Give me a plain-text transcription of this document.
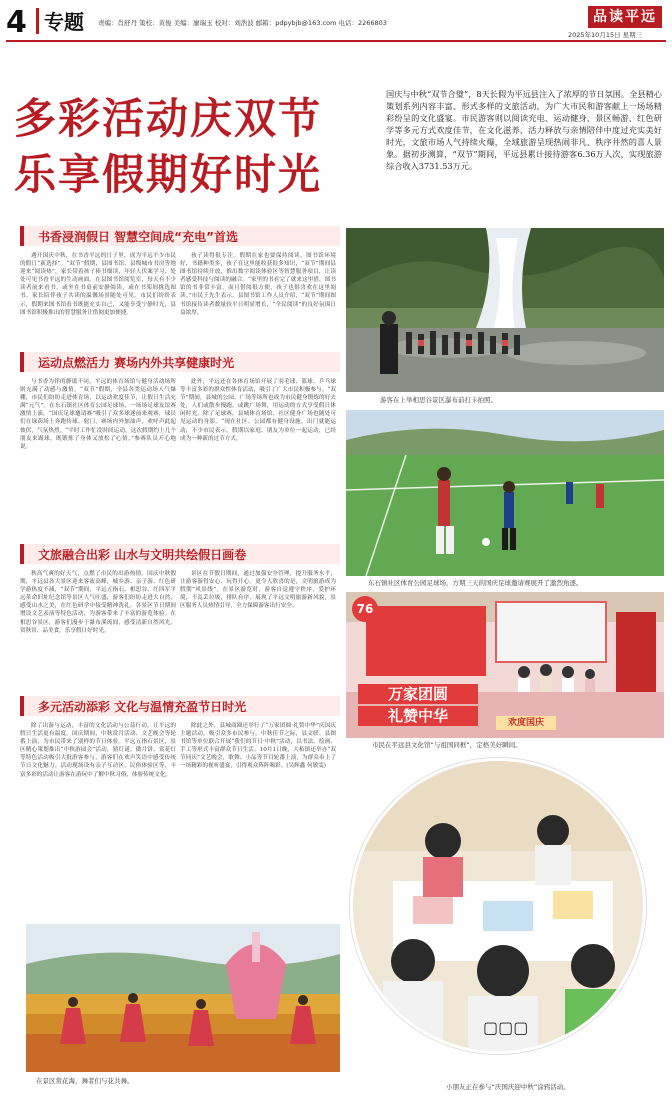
4 专题 责编：肖舒丹 策校：黄俊 美编：廖瑞玉 校对：刘浩波 邮箱：pdpybjb@163.com 电话：2266803	品读平远
2025年10月15日 星期三
多彩活动庆双节
乐享假期好时光
国庆与中秋“双节合璧”，8天长假为平远县注入了浓厚的节日氛围。全县精心策划系列内容丰富、形式多样的文旅活动，为广大市民和游客献上一场场精彩纷呈的文化盛宴。市民游客则以阅读充电、运动健身、景区畅游、红色研学等多元方式欢度佳节，在文化滋养、活力释放与亲情陪伴中度过充实美好时光，文旅市场人气持续火爆，全域旅游呈现热闹非凡、秩序井然的喜人景象。据初步测算，“双节”期间，平远县累计接待游客6.36万人次，实现旅游综合收入3731.53万元。
书香浸润假日 智慧空间成“充电”首选
遇开国庆中秋，在书香平远的日子里，成为平远不少市民的假日“新选择”。“双节”假期，县图书馆、县级城市书房等地迎来“阅读热”，家长带着孩子捧书细读，年轻人伏案学习，处处可见书香平远的生动画面。在县图书馆阅览室，每天有不少读者前来看书，或坐在书桌前安静阅读，或在书架间挑选图书，家长陪伴孩子共读的温馨场景随处可见。市民们纷纷表示，假期来图书馆看书既能充实自己，又能享受宁静时光，县图书馆积极推出的智慧服务让借阅更加便捷。
孩子读得很专注。假期在家也要保持阅读，图书馆环境好，书籍种类多，孩子在这里能收获很多知识，“双节”期间县图书馆持续开放，推出数字阅读体验区等智慧服务项目，让读者感受科技与阅读的融合。“家里的书看完了就来这里借，图书馆的书非常丰富，而且借阅很方便，孩子也很喜欢在这里阅读。”市民王先生表示。县图书馆工作人员介绍，“双节”期间图书馆接待读者数量较平日明显增长，“全民阅读”的良好氛围日益浓厚。
运动点燃活力 赛场内外共享健康时光
与书香为伴的静谧不同，平远的体育场馆与健身活动场所则充满了动感与激情。“双节”假期，全县各类运动场人气爆棚，市民们纷纷走进体育场，以运动欢度佳节，让假日生活充满“元气”。在东石镇社区体育公园足球场，一场场足球友谊赛激情上演，“国庆足球邀请赛”吸引了众多球迷前来观赛，球员们在绿茵场上奔跑传球、射门，赛场内外加油声、欢呼声此起彼伏，气氛热烈。“平时工作忙没时间运动，这次假期约上几个朋友来踢球，既锻炼了身体又放松了心情。”参赛队员开心地说。
此外，平远还在各体育场馆开展了羽毛球、篮球、乒乓球等丰富多彩的群众性体育活动，吸引了广大市民积极参与。“双节”期间，县城的公园、广场等场所也成为市民健身锻炼的好去处，人们或散步慢跑，或跳广场舞，用运动的方式享受假日休闲时光。除了足球赛，县城体育场馆、社区健身广场也随处可见运动的身影。“现在社区、公园都有健身设施，出门就能运动，不少市民表示，假期以家庭、朋友为单位一起运动，已经成为一种新的过节方式。
文旅融合出彩 山水与文明共绘假日画卷
秋高气爽的好天气，点燃了市民的出游热情。国庆中秋假期，平远县各大景区迎来客流高峰，城乡游、亲子游、红色研学游热度不减，“双节”期间，平远五指石、相思谷、红四军平远革命旧址纪念馆等景区人气旺盛，游客们纷纷走进大自然，感受山水之美，在红色研学中接受精神洗礼。各景区节日期间增设文艺表演等特色活动，为游客带来了丰富的游览体验。在相思谷景区，游客们漫步于瀑布溪流间，感受清新自然风光，赏秋景、品美食，乐享假日好时光。
景区在节假日期间，通过加强安全管理，提升服务水平，让游客游得安心、玩得开心。更令人欣喜的是，文明旅游成为假期“风景线”。在景区游览时，游客自觉遵守秩序，爱护环境，不乱丢垃圾，排队有序，展现了平远文明旅游新风貌，景区服务人员热情引导，全力保障游客出行安全。
多元活动添彩 文化与温情充盈节日时光
除了出游与运动，丰富的文化活动与公益行动，让平远的假日生活更有温度。国庆期间，中秋赏月活动、文艺晚会等轮番上演，为市民带来了别样的节日体验。平远五指石景区，景区精心策划推出“中秋游园会”活动，猜灯谜、做月饼、赏花灯等特色活动吸引大批游客参与，游客们在欢声笑语中感受传统节日文化魅力。活动现场设有亲子互动区、民俗体验区等，丰富多彩的活动让游客在游玩中了解中秋习俗，体验传统文化。
除此之外，县城商圈还举行了“万家团圆·礼赞中华”庆国庆主题活动，吸引众多市民参与。中秋佳节之际，县文联、县图书馆等单位联合开展“我们的节日·中秋”活动，以书法、绘画、手工等形式丰富群众节日生活。10月1日晚，大柘镇还举办“双节同庆”文艺晚会，歌舞、小品等节目轮番上演，为群众奉上了一场精彩的视听盛宴，引得观众阵阵喝彩。(吴辉鑫 何敏雯)
游客在上举相思谷景区瀑布前打卡拍照。
东石镇社区体育公园足球场，方期三天的国庆足球邀请赛展开了激烈角逐。
76
万家团圆
礼赞中华	欢度国庆
市民在平远县文化馆“与祖国同框”，定格美好瞬间。
在景区赏花海，舞者们与花共舞。
▢▢▢
小朋友正在参与“庆国庆迎中秋”涂鸦活动。
